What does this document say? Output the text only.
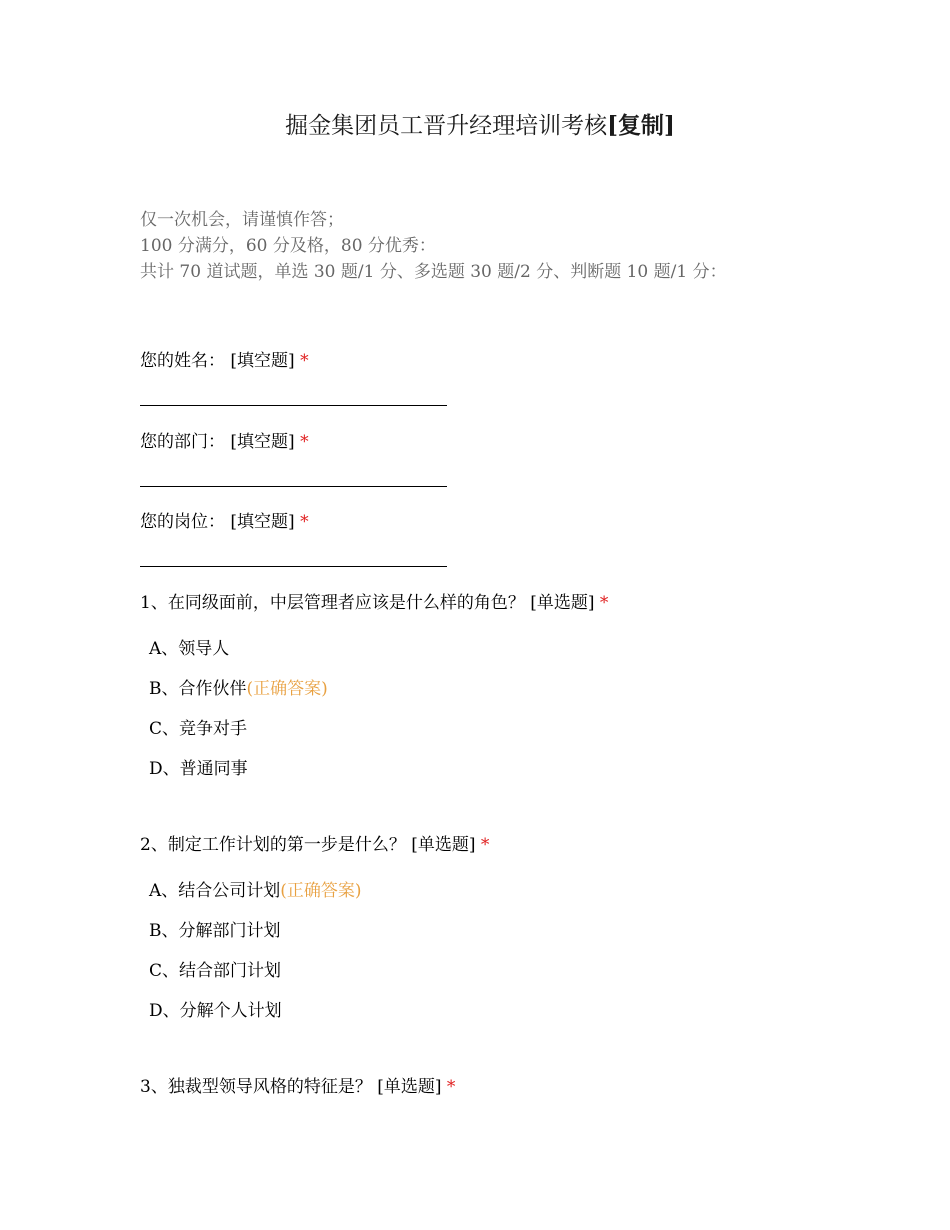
掘金集团员工晋升经理培训考核[复制]
仅一次机会，请谨慎作答；
100 分满分，60 分及格，80 分优秀：
共计 70 道试题，单选 30 题/1 分、多选题 30 题/2 分、判断题 10 题/1 分：
您的姓名： [填空题] *
您的部门： [填空题] *
您的岗位： [填空题] *
1、在同级面前，中层管理者应该是什么样的角色？ [单选题] *
A、领导人
B、合作伙伴(正确答案)
C、竞争对手
D、普通同事
2、制定工作计划的第一步是什么？ [单选题] *
A、结合公司计划(正确答案)
B、分解部门计划
C、结合部门计划
D、分解个人计划
3、独裁型领导风格的特征是？ [单选题] *
